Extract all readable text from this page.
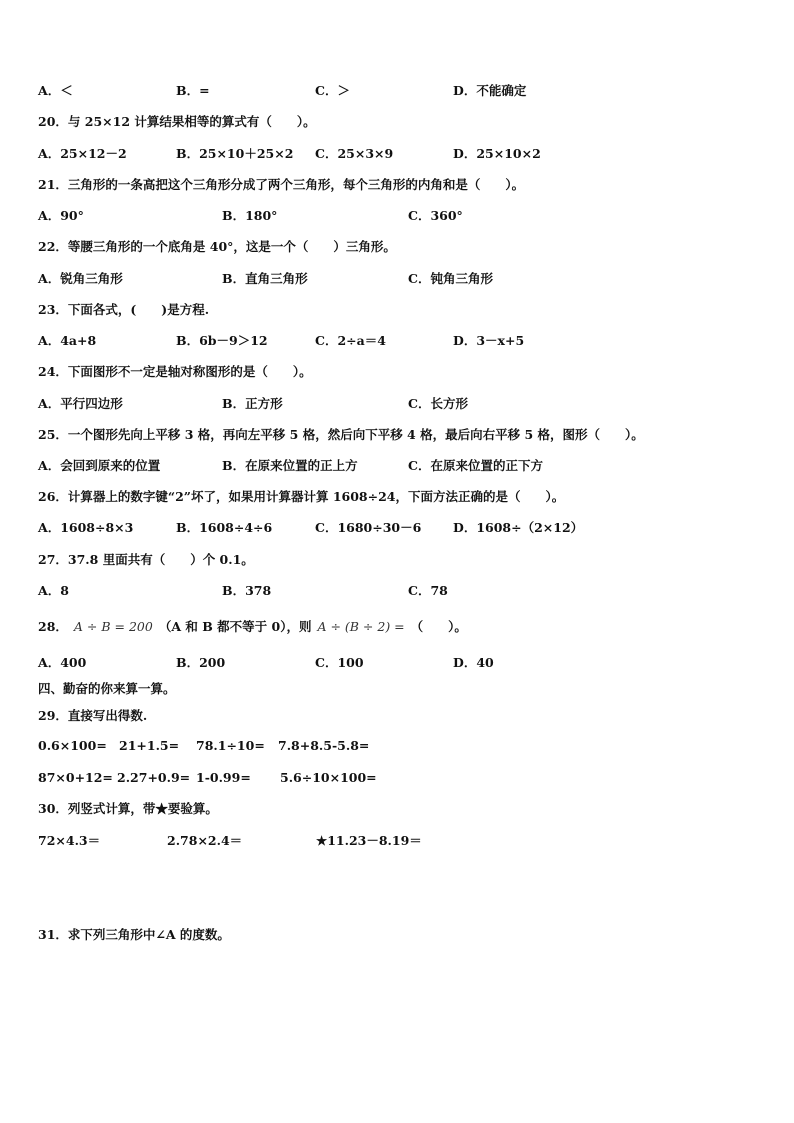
A．＜	B．=	C．＞	D．不能确定
20．与 25×12 计算结果相等的算式有（　　）。
A．25×12－2	B．25×10＋25×2 C．25×3×9	D．25×10×2
21．三角形的一条高把这个三角形分成了两个三角形，每个三角形的内角和是（　　）。
A．90°	B．180°	C．360°
22．等腰三角形的一个底角是 40°，这是一个（　　）三角形。
A．锐角三角形	B．直角三角形	C．钝角三角形
23．下面各式，(　　)是方程.
A．4a+8	B．6b－9＞12	C．2÷a＝4	D．3－x+5
24．下面图形不一定是轴对称图形的是（　　）。
A．平行四边形	B．正方形	C．长方形
25．一个图形先向上平移 3 格，再向左平移 5 格，然后向下平移 4 格，最后向右平移 5 格，图形（　　）。
A．会回到原来的位置	B．在原来位置的正上方	C．在原来位置的正下方
26．计算器上的数字键“2”坏了，如果用计算器计算 1608÷24，下面方法正确的是（　　）。
A．1608÷8×3	B．1608÷4÷6	C．1680÷30－6	D．1608÷（2×12）
27．37.8 里面共有（　　）个 0.1。
A．8	B．378	C．78
28． A ÷ B = 200 （A 和 B 都不等于 0），则 A ÷ (B ÷ 2) = （　　）。
A．400	B．200	C．100	D．40
四、勤奋的你来算一算。
29．直接写出得数.
0.6×100= 21+1.5= 78.1÷10= 7.8+8.5-5.8=
87×0+12= 2.27+0.9= 1-0.99= 5.6÷10×100=
30．列竖式计算，带★要验算。
72×4.3＝	2.78×2.4＝	★11.23－8.19＝
31．求下列三角形中∠A 的度数。
